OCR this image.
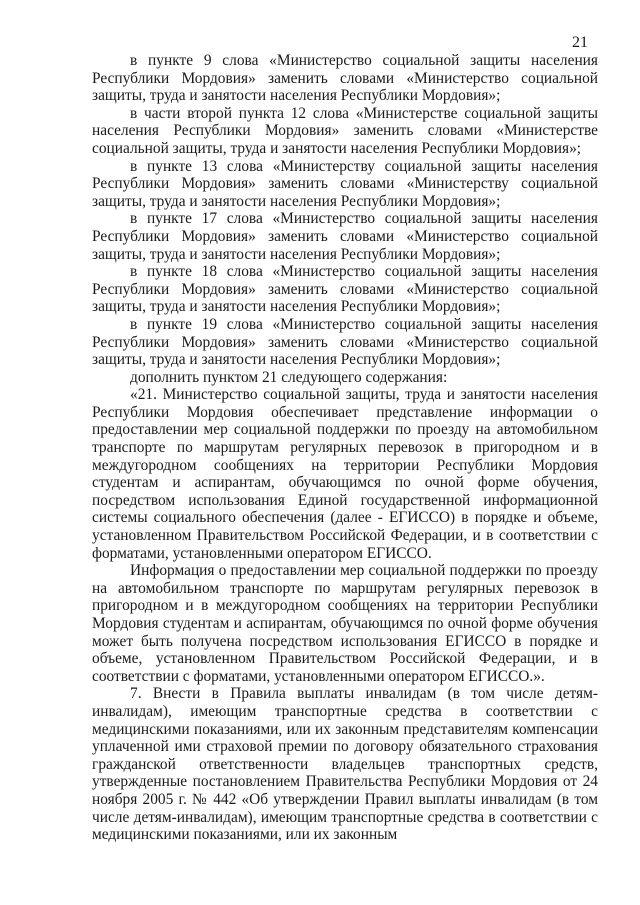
21

в пункте 9 слова «Министерство социальной защиты населения Республики Мордовия» заменить словами «Министерство социальной защиты, труда и занятости населения Республики Мордовия»;

в части второй пункта 12 слова «Министерстве социальной защиты населения Республики Мордовия» заменить словами «Министерстве социальной защиты, труда и занятости населения Республики Мордовия»;

в пункте 13 слова «Министерству социальной защиты населения Республики Мордовия» заменить словами «Министерству социальной защиты, труда и занятости населения Республики Мордовия»;

в пункте 17 слова «Министерство социальной защиты населения Республики Мордовия» заменить словами «Министерство социальной защиты, труда и занятости населения Республики Мордовия»;

в пункте 18 слова «Министерство социальной защиты населения Республики Мордовия» заменить словами «Министерство социальной защиты, труда и занятости населения Республики Мордовия»;

в пункте 19 слова «Министерство социальной защиты населения Республики Мордовия» заменить словами «Министерство социальной защиты, труда и занятости населения Республики Мордовия»;

дополнить пунктом 21 следующего содержания:

«21. Министерство социальной защиты, труда и занятости населения Республики Мордовия обеспечивает представление информации о предоставлении мер социальной поддержки по проезду на автомобильном транспорте по маршрутам регулярных перевозок в пригородном и в междугородном сообщениях на территории Республики Мордовия студентам и аспирантам, обучающимся по очной форме обучения, посредством использования Единой государственной информационной системы социального обеспечения (далее - ЕГИССО) в порядке и объеме, установленном Правительством Российской Федерации, и в соответствии с форматами, установленными оператором ЕГИССО.

Информация о предоставлении мер социальной поддержки по проезду на автомобильном транспорте по маршрутам регулярных перевозок в пригородном и в междугородном сообщениях на территории Республики Мордовия студентам и аспирантам, обучающимся по очной форме обучения может быть получена посредством использования ЕГИССО в порядке и объеме, установленном Правительством Российской Федерации, и в соответствии с форматами, установленными оператором ЕГИССО.».

7. Внести в Правила выплаты инвалидам (в том числе детям-инвалидам), имеющим транспортные средства в соответствии с медицинскими показаниями, или их законным представителям компенсации уплаченной ими страховой премии по договору обязательного страхования гражданской ответственности владельцев транспортных средств, утвержденные постановлением Правительства Республики Мордовия от 24 ноября 2005 г. № 442 «Об утверждении Правил выплаты инвалидам (в том числе детям-инвалидам), имеющим транспортные средства в соответствии с медицинскими показаниями, или их законным
